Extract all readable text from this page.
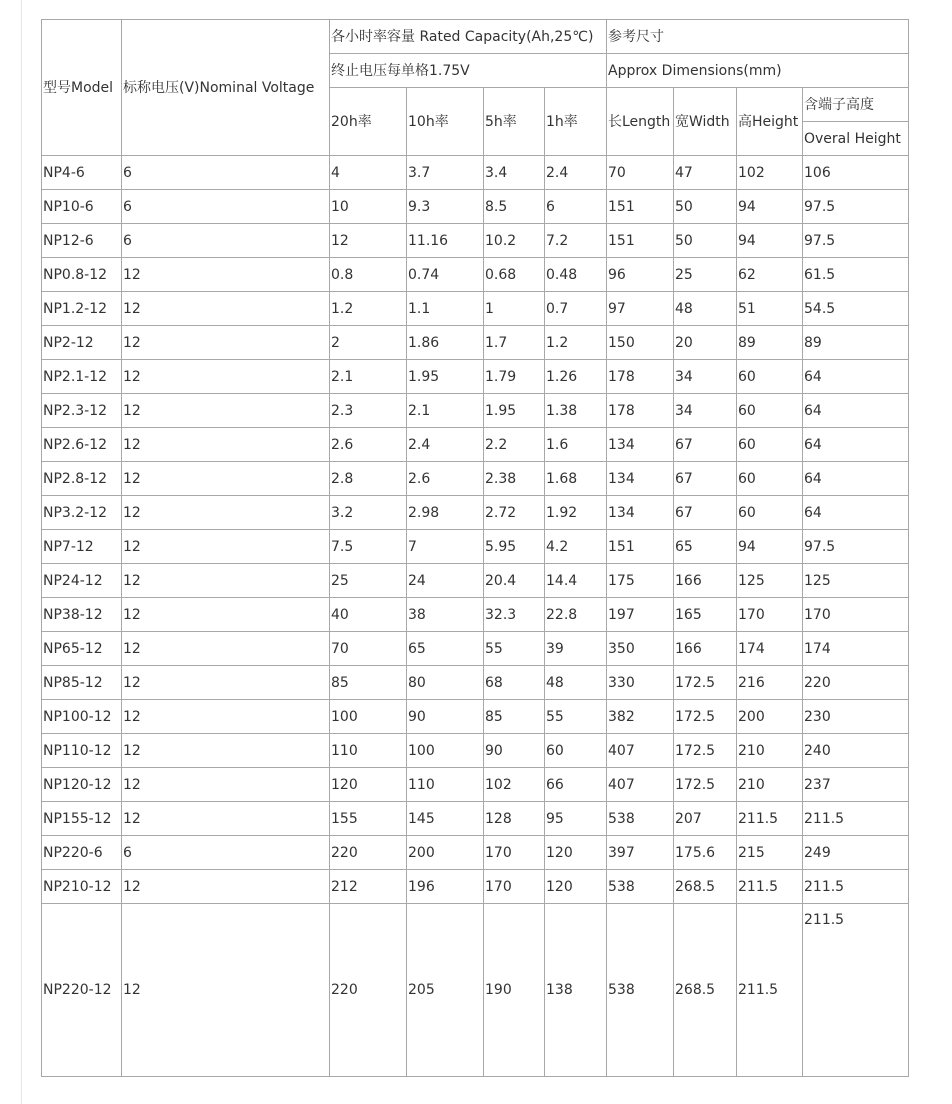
型号Model	标称电压(V)Nominal Voltage	各小时率容量 Rated Capacity(Ah,25℃)				参考尺寸			
		终止电压每单格1.75V				Approx Dimensions(mm)			
		20h率	10h率	5h率	1h率	长Length	宽Width	高Height	含端子高度
									Overal Height
NP4-6	6	4	3.7	3.4	2.4	70	47	102	106
NP10-6	6	10	9.3	8.5	6	151	50	94	97.5
NP12-6	6	12	11.16	10.2	7.2	151	50	94	97.5
NP0.8-12	12	0.8	0.74	0.68	0.48	96	25	62	61.5
NP1.2-12	12	1.2	1.1	1	0.7	97	48	51	54.5
NP2-12	12	2	1.86	1.7	1.2	150	20	89	89
NP2.1-12	12	2.1	1.95	1.79	1.26	178	34	60	64
NP2.3-12	12	2.3	2.1	1.95	1.38	178	34	60	64
NP2.6-12	12	2.6	2.4	2.2	1.6	134	67	60	64
NP2.8-12	12	2.8	2.6	2.38	1.68	134	67	60	64
NP3.2-12	12	3.2	2.98	2.72	1.92	134	67	60	64
NP7-12	12	7.5	7	5.95	4.2	151	65	94	97.5
NP24-12	12	25	24	20.4	14.4	175	166	125	125
NP38-12	12	40	38	32.3	22.8	197	165	170	170
NP65-12	12	70	65	55	39	350	166	174	174
NP85-12	12	85	80	68	48	330	172.5	216	220
NP100-12	12	100	90	85	55	382	172.5	200	230
NP110-12	12	110	100	90	60	407	172.5	210	240
NP120-12	12	120	110	102	66	407	172.5	210	237
NP155-12	12	155	145	128	95	538	207	211.5	211.5
NP220-6	6	220	200	170	120	397	175.6	215	249
NP210-12	12	212	196	170	120	538	268.5	211.5	211.5
NP220-12	12	220	205	190	138	538	268.5	211.5	211.5
